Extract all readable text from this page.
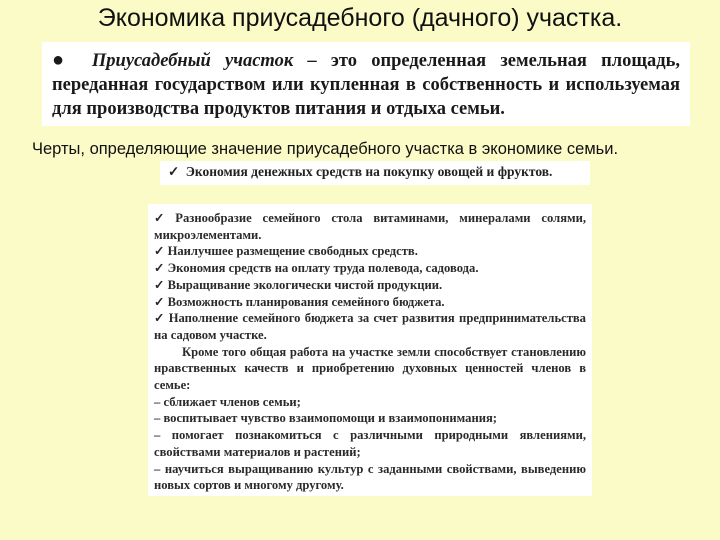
Экономика приусадебного (дачного) участка.
● Приусадебный участок – это определенная земельная площадь, переданная государством или купленная в собственность и используемая для производства продуктов питания и отдыха семьи.
Черты, определяющие значение приусадебного участка в экономике семьи.
✓ Экономия денежных средств на покупку овощей и фруктов.
✓ Разнообразие семейного стола витаминами, минералами солями, микроэлементами.
✓ Наилучшее размещение свободных средств.
✓ Экономия средств на оплату труда полевода, садовода.
✓ Выращивание экологически чистой продукции.
✓ Возможность планирования семейного бюджета.
✓ Наполнение семейного бюджета за счет развития предпринимательства на садовом участке.
Кроме того общая работа на участке земли способствует становлению нравственных качеств и приобретению духовных ценностей членов в семье:
– сближает членов семьи;
– воспитывает чувство взаимопомощи и взаимопонимания;
– помогает познакомиться с различными природными явлениями, свойствами материалов и растений;
– научиться выращиванию культур с заданными свойствами, выведению новых сортов и многому другому.
